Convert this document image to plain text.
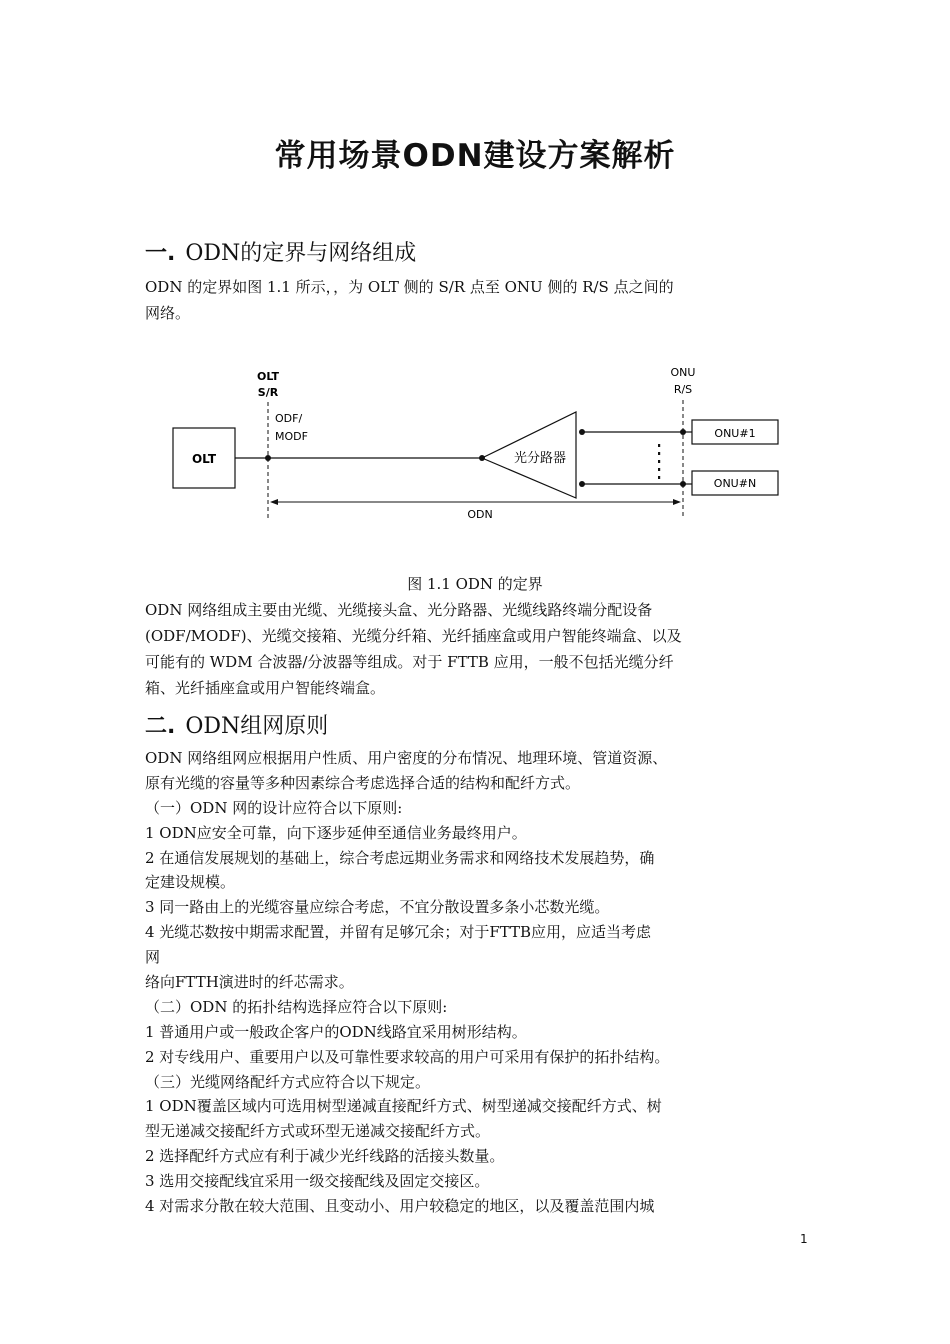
常用场景ODN建设方案解析
一. ODN的定界与网络组成
ODN 的定界如图 1.1 所示，，为 OLT 侧的 S/R 点至 ONU 侧的 R/S 点之间的
网络。
OLT
OLT
S/R
ODF/
MODF
光分路器
ONU
R/S
ONU#1
ONU#N
ODN
图 1.1 ODN 的定界
ODN 网络组成主要由光缆、光缆接头盒、光分路器、光缆线路终端分配设备
(ODF/MODF)、光缆交接箱、光缆分纤箱、光纤插座盒或用户智能终端盒、以及
可能有的 WDM 合波器/分波器等组成。对于 FTTB 应用，一般不包括光缆分纤
箱、光纤插座盒或用户智能终端盒。
二. ODN组网原则
ODN 网络组网应根据用户性质、用户密度的分布情况、地理环境、管道资源、
原有光缆的容量等多种因素综合考虑选择合适的结构和配纤方式。
（一）ODN 网的设计应符合以下原则:
1 ODN应安全可靠，向下逐步延伸至通信业务最终用户。
2 在通信发展规划的基础上，综合考虑远期业务需求和网络技术发展趋势，确
定建设规模。
3 同一路由上的光缆容量应综合考虑，不宜分散设置多条小芯数光缆。
4 光缆芯数按中期需求配置，并留有足够冗余；对于FTTB应用，应适当考虑
网
络向FTTH演进时的纤芯需求。
（二）ODN 的拓扑结构选择应符合以下原则:
1 普通用户或一般政企客户的ODN线路宜采用树形结构。
2 对专线用户、重要用户以及可靠性要求较高的用户可采用有保护的拓扑结构。
（三）光缆网络配纤方式应符合以下规定。
1 ODN覆盖区域内可选用树型递减直接配纤方式、树型递减交接配纤方式、树
型无递减交接配纤方式或环型无递减交接配纤方式。
2 选择配纤方式应有利于减少光纤线路的活接头数量。
3 选用交接配线宜采用一级交接配线及固定交接区。
4 对需求分散在较大范围、且变动小、用户较稳定的地区，以及覆盖范围内城
1
